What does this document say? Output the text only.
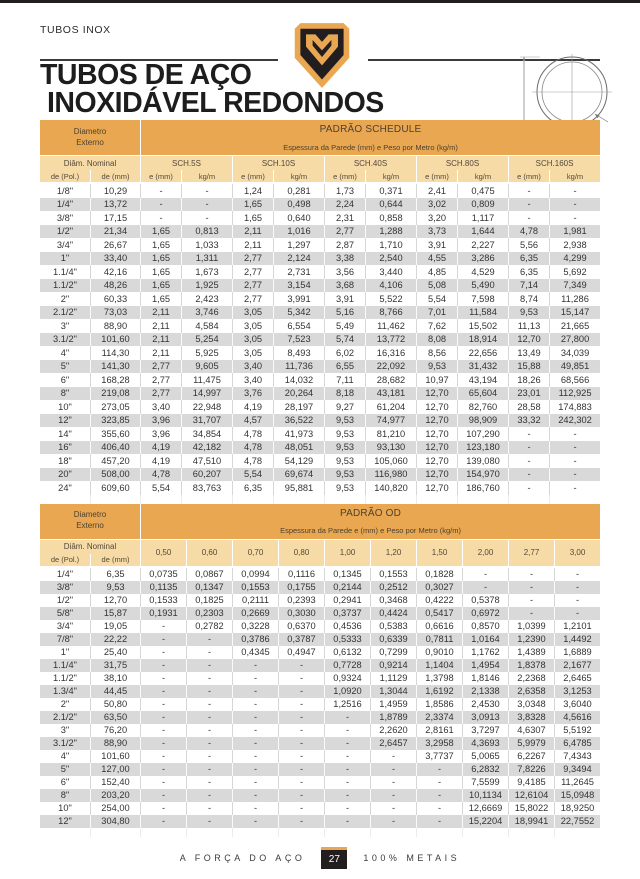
TUBOS INOX
TUBOS DE AÇO
INOXIDÁVEL REDONDOS
Diametro Externo		PADRÃO SCHEDULE									
		Espessura da Parede (mm) e Peso por Metro (kg/m)									
Diâm. Nominal		SCH.5S		SCH.10S		SCH.40S		SCH.80S		SCH.160S	
de (Pol.)	de (mm)	e (mm)	kg/m	e (mm)	kg/m	e (mm)	kg/m	e (mm)	kg/m	e (mm)	kg/m
1/8"	10,29	-	-	1,24	0,281	1,73	0,371	2,41	0,475	-	-
1/4"	13,72	-	-	1,65	0,498	2,24	0,644	3,02	0,809	-	-
3/8"	17,15	-	-	1,65	0,640	2,31	0,858	3,20	1,117	-	-
1/2"	21,34	1,65	0,813	2,11	1,016	2,77	1,288	3,73	1,644	4,78	1,981
3/4"	26,67	1,65	1,033	2,11	1,297	2,87	1,710	3,91	2,227	5,56	2,938
1"	33,40	1,65	1,311	2,77	2,124	3,38	2,540	4,55	3,286	6,35	4,299
1.1/4"	42,16	1,65	1,673	2,77	2,731	3,56	3,440	4,85	4,529	6,35	5,692
1.1/2"	48,26	1,65	1,925	2,77	3,154	3,68	4,106	5,08	5,490	7,14	7,349
2"	60,33	1,65	2,423	2,77	3,991	3,91	5,522	5,54	7,598	8,74	11,286
2.1/2"	73,03	2,11	3,746	3,05	5,342	5,16	8,766	7,01	11,584	9,53	15,147
3"	88,90	2,11	4,584	3,05	6,554	5,49	11,462	7,62	15,502	11,13	21,665
3.1/2"	101,60	2,11	5,254	3,05	7,523	5,74	13,772	8,08	18,914	12,70	27,800
4"	114,30	2,11	5,925	3,05	8,493	6,02	16,316	8,56	22,656	13,49	34,039
5"	141,30	2,77	9,605	3,40	11,736	6,55	22,092	9,53	31,432	15,88	49,851
6"	168,28	2,77	11,475	3,40	14,032	7,11	28,682	10,97	43,194	18,26	68,566
8"	219,08	2,77	14,997	3,76	20,264	8,18	43,181	12,70	65,604	23,01	112,925
10"	273,05	3,40	22,948	4,19	28,197	9,27	61,204	12,70	82,760	28,58	174,883
12"	323,85	3,96	31,707	4,57	36,522	9,53	74,977	12,70	98,909	33,32	242,302
14"	355,60	3,96	34,854	4,78	41,973	9,53	81,210	12,70	107,290	-	-
16"	406,40	4,19	42,182	4,78	48,051	9,53	93,130	12,70	123,180	-	-
18"	457,20	4,19	47,510	4,78	54,129	9,53	105,060	12,70	139,080	-	-
20"	508,00	4,78	60,207	5,54	69,674	9,53	116,980	12,70	154,970	-	-
24"	609,60	5,54	83,763	6,35	95,881	9,53	140,820	12,70	186,760	-	-

Diametro Externo		PADRÃO OD									
		Espessura da Parede e (mm) e Peso por Metro (kg/m)									
Diâm. Nominal		0,50	0,60	0,70	0,80	1,00	1,20	1,50	2,00	2,77	3,00
de (Pol.)	de (mm)										
1/4"	6,35	0,0735	0,0867	0,0994	0,1116	0,1345	0,1553	0,1828	-	-	-
3/8"	9,53	0,1135	0,1347	0,1553	0,1755	0,2144	0,2512	0,3027	-	-	-
1/2"	12,70	0,1533	0,1825	0,2111	0,2393	0,2941	0,3468	0,4222	0,5378	-	-
5/8"	15,87	0,1931	0,2303	0,2669	0,3030	0,3737	0,4424	0,5417	0,6972	-	-
3/4"	19,05	-	0,2782	0,3228	0,6370	0,4536	0,5383	0,6616	0,8570	1,0399	1,2101
7/8"	22,22	-	-	0,3786	0,3787	0,5333	0,6339	0,7811	1,0164	1,2390	1,4492
1"	25,40	-	-	0,4345	0,4947	0,6132	0,7299	0,9010	1,1762	1,4389	1,6889
1.1/4"	31,75	-	-	-	-	0,7728	0,9214	1,1404	1,4954	1,8378	2,1677
1.1/2"	38,10	-	-	-	-	0,9324	1,1129	1,3798	1,8146	2,2368	2,6465
1.3/4"	44,45	-	-	-	-	1,0920	1,3044	1,6192	2,1338	2,6358	3,1253
2"	50,80	-	-	-	-	1,2516	1,4959	1,8586	2,4530	3,0348	3,6040
2.1/2"	63,50	-	-	-	-	-	1,8789	2,3374	3,0913	3,8328	4,5616
3"	76,20	-	-	-	-	-	2,2620	2,8161	3,7297	4,6307	5,5192
3.1/2"	88,90	-	-	-	-	-	2,6457	3,2958	4,3693	5,9979	6,4785
4"	101,60	-	-	-	-	-	-	3,7737	5,0065	6,2267	7,4343
5"	127,00	-	-	-	-	-	-	-	6,2832	7,8226	9,3494
6"	152,40	-	-	-	-	-	-	-	7,5599	9,4185	11,2645
8"	203,20	-	-	-	-	-	-	-	10,1134	12,6104	15,0948
10"	254,00	-	-	-	-	-	-	-	12,6669	15,8022	18,9250
12"	304,80	-	-	-	-	-	-	-	15,2204	18,9941	22,7552

A FORÇA DO AÇO	27	100% METAIS
